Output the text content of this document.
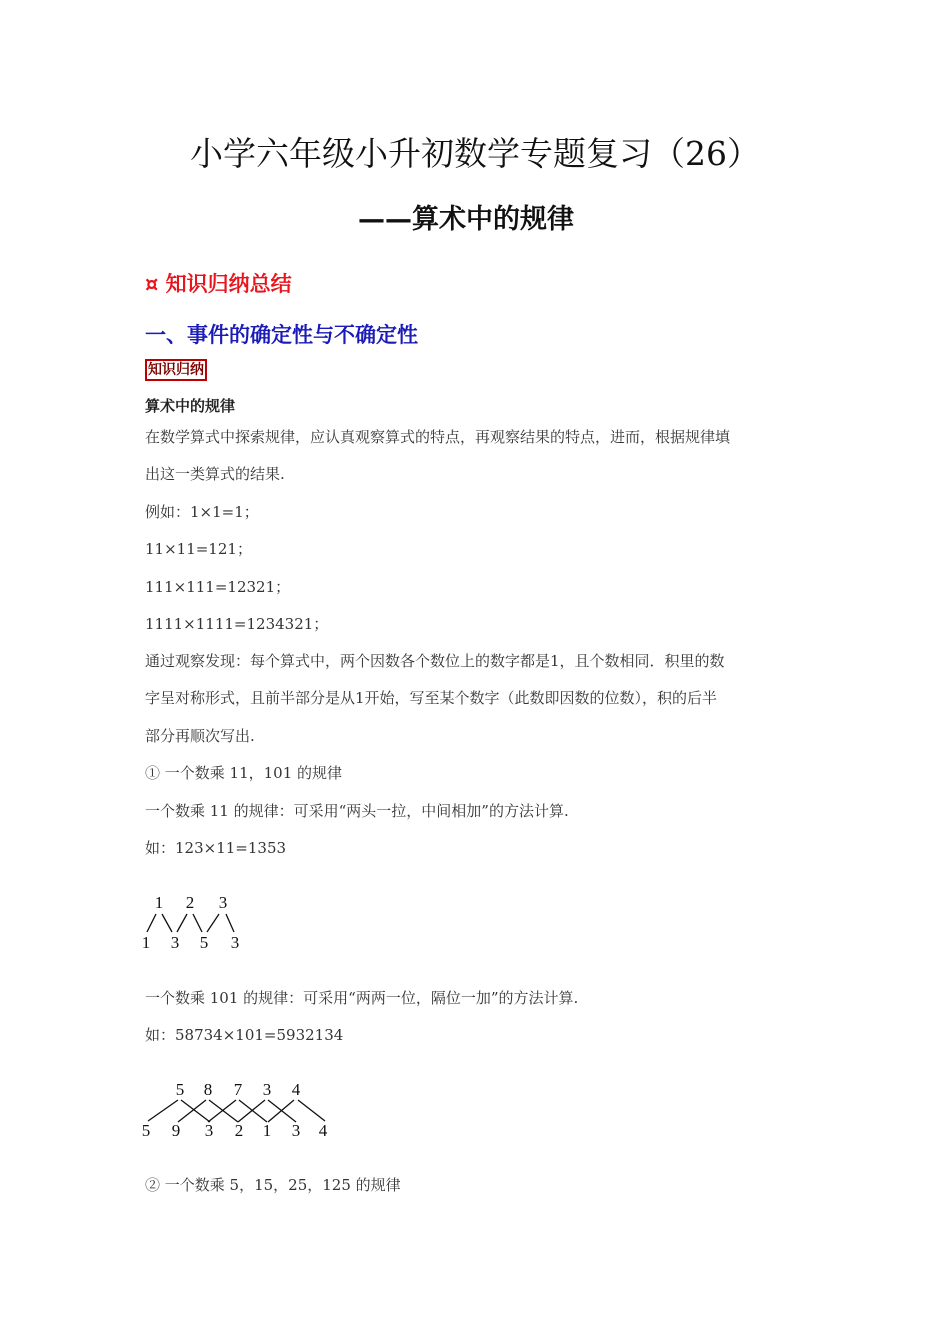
小学六年级小升初数学专题复习（26）
——算术中的规律
¤ 知识归纳总结
一、事件的确定性与不确定性
知识归纳
算术中的规律
在数学算式中探索规律，应认真观察算式的特点，再观察结果的特点，进而，根据规律填
出这一类算式的结果.
例如：1×1=1；
11×11=121；
111×111=12321；
1111×1111=1234321；
通过观察发现：每个算式中，两个因数各个数位上的数字都是1，且个数相同．积里的数
字呈对称形式，且前半部分是从1开始，写至某个数字（此数即因数的位数），积的后半
部分再顺次写出.
① 一个数乘 11，101 的规律
一个数乘 11 的规律：可采用“两头一拉，中间相加”的方法计算.
如：123×11=1353
1 2 3
1 3 5 3
5 8 7 3 4
5 9 3 2 1 3 4
一个数乘 101 的规律：可采用“两两一位，隔位一加”的方法计算.
如：58734×101=5932134
② 一个数乘 5，15，25，125 的规律
